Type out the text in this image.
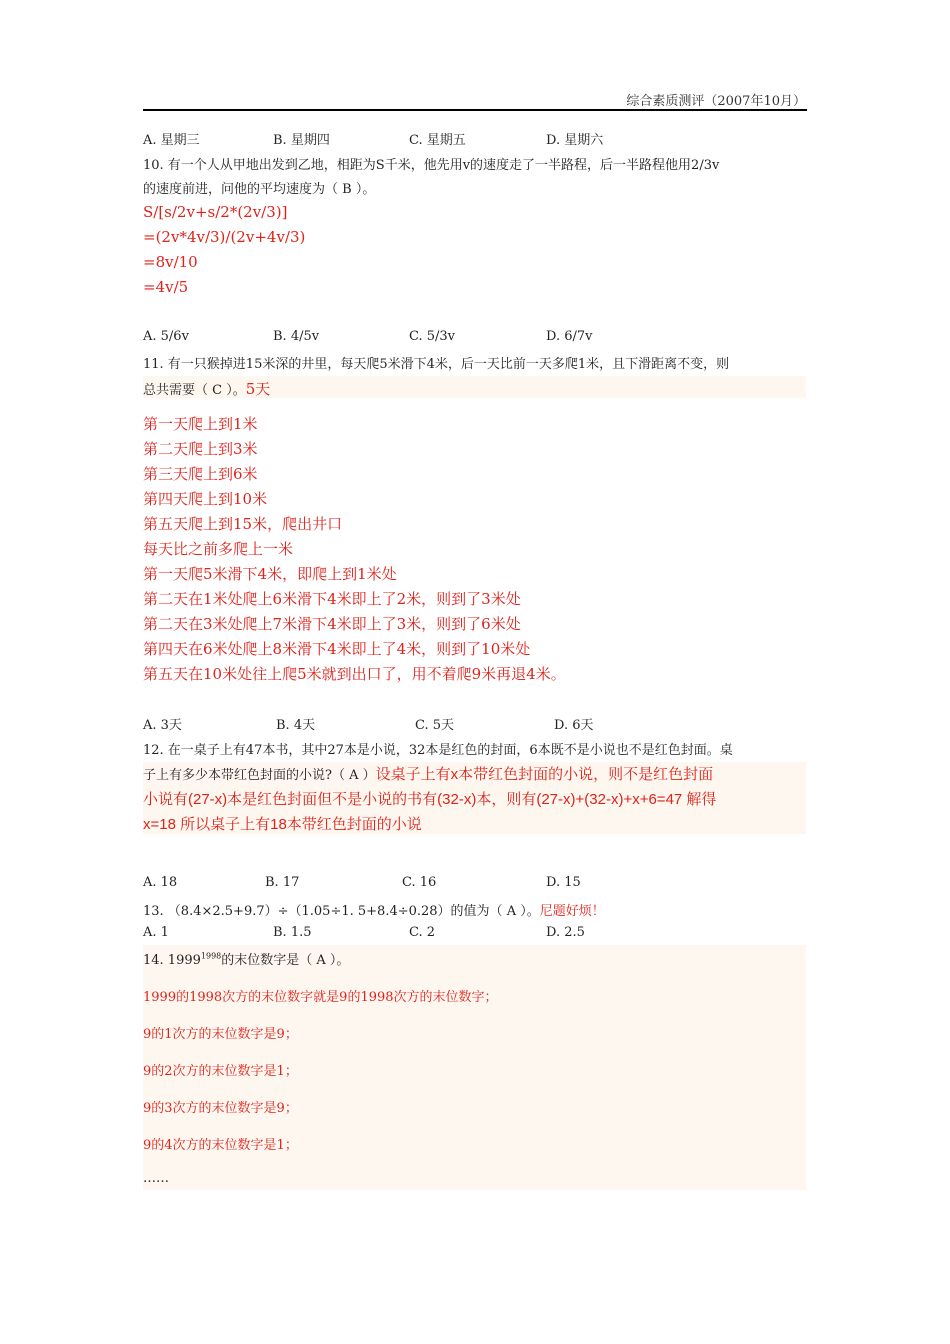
综合素质测评（2007年10月）
A. 星期三	B. 星期四	C. 星期五	D. 星期六
10. 有一个人从甲地出发到乙地，相距为S千米，他先用v的速度走了一半路程，后一半路程他用2/3v
的速度前进，问他的平均速度为（ B ）。
S/[s/2v+s/2*(2v/3)]
=(2v*4v/3)/(2v+4v/3)
=8v/10
=4v/5
A. 5/6v	B. 4/5v	C. 5/3v	D. 6/7v
11. 有一只猴掉进15米深的井里，每天爬5米滑下4米，后一天比前一天多爬1米，且下滑距离不变，则
总共需要（ C ）。5天
第一天爬上到1米
第二天爬上到3米
第三天爬上到6米
第四天爬上到10米
第五天爬上到15米，爬出井口
每天比之前多爬上一米
第一天爬5米滑下4米，即爬上到1米处
第二天在1米处爬上6米滑下4米即上了2米，则到了3米处
第二天在3米处爬上7米滑下4米即上了3米，则到了6米处
第四天在6米处爬上8米滑下4米即上了4米，则到了10米处
第五天在10米处往上爬5米就到出口了，用不着爬9米再退4米。
A. 3天	B. 4天	C. 5天	D. 6天
12. 在一桌子上有47本书，其中27本是小说，32本是红色的封面，6本既不是小说也不是红色封面。桌
子上有多少本带红色封面的小说?（ A ）设桌子上有x本带红色封面的小说，则不是红色封面
小说有(27-x)本是红色封面但不是小说的书有(32-x)本，则有(27-x)+(32-x)+x+6=47 解得
x=18 所以桌子上有18本带红色封面的小说
A. 18	B. 17	C. 16	D. 15
13. （8.4×2.5+9.7）÷（1.05÷1. 5+8.4÷0.28）的值为（ A ）。尼题好烦！
A. 1	B. 1.5	C. 2	D. 2.5
14. $1999^{1998}$的末位数字是（ A ）。
1999的1998次方的末位数字就是9的1998次方的末位数字；
9的1次方的末位数字是9；
9的2次方的末位数字是1；
9的3次方的末位数字是9；
9的4次方的末位数字是1；
……
